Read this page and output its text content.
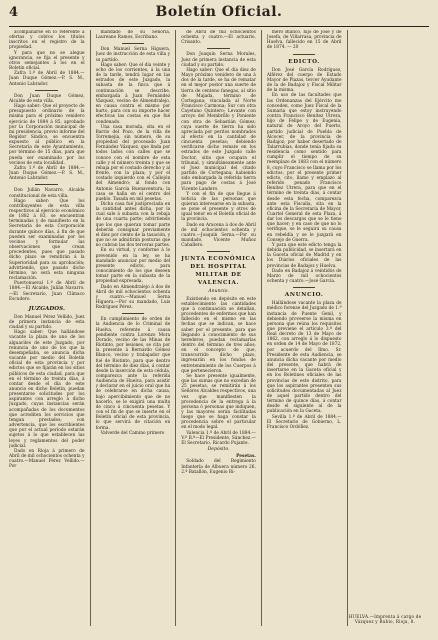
4	Boletín Oficial.

acompañarse en lo referente á ofertas y cobros los títulos inscritos en el registro de la propiedad.

Y para que no se alegue ignorancia, se fija el presente y otros semejantes á los en el Boletín oficial.

Zafra 1.º de Abril de 1884.—Juan Duque Gómez.—P. S. M., Antonio Labrador.

Don Juan Duque Gómez, Alcalde de esta villa.

Hago saber: Que el proyecto de presupuesto ordinario de la misma para el próximo venidero ejercicio de 1884 á 85, aprobado por la Corporación municipal de mi presidencia, previo informe del Regidor Síndico, se encuentra expuesto al público en la Secretaría de este Ayuntamiento, por término de 15 días, para que pueda ser examinado por los vecinos de esta localidad.

Zafra 1.º de Abril de 1884.—Juan Duque Gómez.—P. S. M., Antonio Labrador.

Don Julián Navarro, Alcalde constitucional de esta villa.

Hago saber: Que los contribuyentes de esta villa respectivos al ejercicio económico de 1882 á 83, se encuentran terminadas y de manifiesto en la Secretaría de esta Corporación durante quince días, á fin de que pueden ser examinadas por los vecinos y formular las observaciones que crean procedentes, pues que pasado dicho plazo se remitirán á la Superioridad para su aprobación; advirtiendo, que pasado dicho término, no será esta ninguna reclamación.

Puertonueval 1.º de Abril de 1884.—El Alcalde, Julián Navarro.—El Secretario, Juan Clímaco Escudero.

JUZGADOS.

Don Manuel Pérez Vellido, Juez de primera instancia de esta ciudad y su partido.

Hago saber: Que hallándose vacante la plaza de uno de los alguaciles de este Juzgado, por renuncia de uno de los que la desempeñaba, se anuncia dicha vacante por medio del Boletín oficial de esta provincia y por edictos que se fijarán en los sitios públicos de esta ciudad, para que en el término de treinta días, á contar desde el día de este anuncio en dicho Boletín, puedan presentarse solicitudes por los aspirantes con arreglo á dicho Juzgado, cuyas instancias serán acompañadas de los documentos que acrediten los servicios que tengan prestados; con advertencia, que los escribientes que por el actual período estarán sujetos á lo que establecen las leyes y reglamentos del poder judicial.

Dado en Rioja á primero de Abril de mil ochocientos ochenta y cuatro.—Manuel Pérez Vellido.—Por

mandado de su Señoría, Laureano Ramos, Escribano.

Don Manuel Serna Higuera, Juez de instrucción de esta villa y su partido.

Hago saber: Que el día veinte y ocho de los corrientes, á la una de la tarde, tendrá lugar en las estrados de este Juzgado, la subasta de la finca que á continuación se describe, embargada á Juan Fernández Vázquez, vecino de Almendralejo, en causa contra el mismo por hurto, para con su importe hacer efectivas las costas en que fué condenado.

Una casa morada, sita en el Barrio del Pozo, de la villa de Torremejía, sin número, de su propiedad del procesado Juan Fernández Vázquez, que linda por todos lados con calles que se conoce con el nombre de esta calle y el número treinta y que se rebaja por el costado derecho y al frente, con la plaza; y por el costado izquierdo con el Callejón del Almendro; al fondo con Antonio García Buenaventura; la casa se halla en el centro del pueblo. Tasada en mil pesetas.

Dicha casa fué justipreciada en la cantidad antes dicha, por la cual sale á subasta con la rebaja de una cuarta parte; advirtiendo que los que quieran tomar parte deberán consignar previamente el diez por ciento de la tasación, y que no se admitirán posturas que no cubran las dos terceras partes.

En su virtud, y conforme á lo prevenido en la ley, se ha mandado anunciar por medio del presente edicto, para conocimiento de los que deseen tomar parte en la subasta de la propiedad expresada.

Dado en Almendralejo á dos de Abril de mil ochocientos ochenta y cuatro.—Manuel Serna Higuera.—Por su mandado, Luis Rodríguez Pérez.

En cumplimiento de orden de la Audiencia de lo Criminal de Huelva, referente á causa pendiente contra Lorenzo Mora Dorado, vecino de las Minas de Riotinto, por lesiones, se cita por la presente á Bernardo Gómez Blanco, vecino y trabajador que fué de Riotinto, para que dentro del término de diez días, á contar desde la inserción de esta cédula, comparezca ante la referida Audiencia de Huelva, para asistir y declarar en el juicio oral que ha de celebrarse en dicha causa, bajo apercibimiento que de no hacerlo, se le exigirá una multa de cinco á cincuenta pesetas. Y con el fin de que se inserte en el Boletín oficial de esta provincia, lo que servirá de citación en forma.

Valverde del Camino primero

de Abril de mil ochocientos ochenta y cuatro.—El actuario, Crisanto.

Don Joaquín Serna Morales, Juez de primera instancia de esta ciudad y su partido.

Hago saber: Que el día diez de Mayo próximo venidero de una á dos de la tarde, se ha de rematar en el mejor postor una suerte de tierra de centeno fanegas, al sitio de Majada, término de Cortegana; vinculada al Norte Francisco Carmona; Sur con otra Cayetano Quintero; Levante con arroyo del Membrillo y Poniente con otra de Sebastián Gómez; cuya suerte de tierra ha sido apreciada por peritos nombrados al efecto en la cantidad de cincuenta pesetas; debiendo verificarse dicho remate en los estrados de este Juzgado calle Doctor, sitio que ocupara el tribunal, y simultáneamente ante el Juez municipal del citado partido de Cortegana; habiendo sido embargada la referida tierra para pago de costas á José Vicente Landero.

Y con el fin de que llegue á noticia de las personas que quieran interesarse en la subasta, se pone el presente y otros de igual tenor en el Boletín oficial de la provincia.

Dado en Aracena á dos de Abril de mil ochocientos ochenta y cuatro.—Joaquín Serna.—Por su mandado, Vicente Muñoz Caballero.

JUNTA ECONÓMICA DEL HOSPITAL MILITAR DE VALENCIA.
Anuncio.

Existiendo en depósito en este establecimiento las cantidades que á continuación se detallan, procedentes de enfermos que han fallecido en el mismo en las fechas que se indican, se hace saber por el presente, para que llegando á conocimiento de sus herederos, puedan reclamarlas dentro del término de tres años; en el concepto de que, transcurrido dicho plazo, ingresarán en los fondos de entretenimiento de los Cuerpos á que pertenecieron.

Se hace presente igualmente, que las sumas que no excedan de 25 pesetas, se remitirán á los Señores Alcaldes respectivos, una vez que manifiesten la procedencia de la entrega á la persona ó personas que indiquen, y las mayores serán facilitadas luego que se haga constar la procedencia sobre el particular en el modo legal.

Valencia 1.º de Abril de 1884.—V.º B.º—El Presidente, Sánchez.—El Secretario, Ricardo Pujante.

Depósito.
Pesetas.

Soldado del Regimiento Infantería de Albuera número 26, 2.º Batallón, Eugenio Ri-

mero Blanco, hijo de José y de Josefa, de Villarrasa, provincia de Huelva, fallecido en 15 de Abril de 1874. — 20

EDICTO.

Don José García Rodríguez, Alférez del cuerpo de Estado Mayor de Plazas, tercer Ayudante de la de Badajoz y Fiscal Militar de la misma.

En uso de las facultades que las Ordenanzas del Ejército me conceden, como Juez Fiscal de la Sumaria que estoy instruyendo contra Francisco Benítez Utrera, hijo de Felipe y de Eugenia, natural de Aroyo del Puerto, partido judicial de Puebla de Alcocer, de la provincia de Badajoz; por haber desertado de Talarrubias, donde tenía fijada su residencia como sentido para cumplir el tiempo de su reemplazo de 1883 con el número 8, cuyo Francisco se llama por los edictos; por el presente primer edicto, cito, llamo y emplazo al referido penado Francisco Benítez Utrera, para que en el término de treinta días, á contar desde esta fecha, comparezca ante esta Fiscalía, sita en la oficina de la Secretaría de Mayor, Cuartel General de esta Plaza, á dar los descargos que se le tiene que hacer; y en caso de que no lo verifique, se le seguirá su causa en rebeldía y se le juzgará en Consejo de Guerra.

Y para que este edicto tenga la debida publicidad, se insertará en la Gaceta oficial de Madrid y en los Diarios oficiales de las provincias de Badajoz y Huelva.

Dado en Badajoz á veintidós de Marzo de mil ochocientos ochenta y cuatro.—José García.

ANUNCIO.

Hallándose vacante la plaza de médico forense del Juzgado de 1.ª instancia de Puente Genil, y debiendo proveerse la misma en persona que reúna los requisitos que previene el artículo 3.º del Real decreto de 13 de Mayo de 1862, con arreglo á lo dispuesto en orden de 14 de Mayo de 1872, por acuerdo del Ilmo. Sr. Presidente de esta Audiencia, se anuncia dicha vacante por medio del presente, que habrá de insertarse en la Gaceta oficial y en los Boletines oficiales de las provincias de este distrito, para que los aspirantes presenten sus solicitudes documentadas al Juez de aquel partido dentro del término de quince días, á contar desde el siguiente al de la publicación en la Gaceta.

Sevilla 1.º de Abril de 1884.—El Secretario de Gobierno, L. Francisco Ordóñez.

HUELVA.—Imprenta á cargo de Vázquez y Rubio, Rioja, 8.
